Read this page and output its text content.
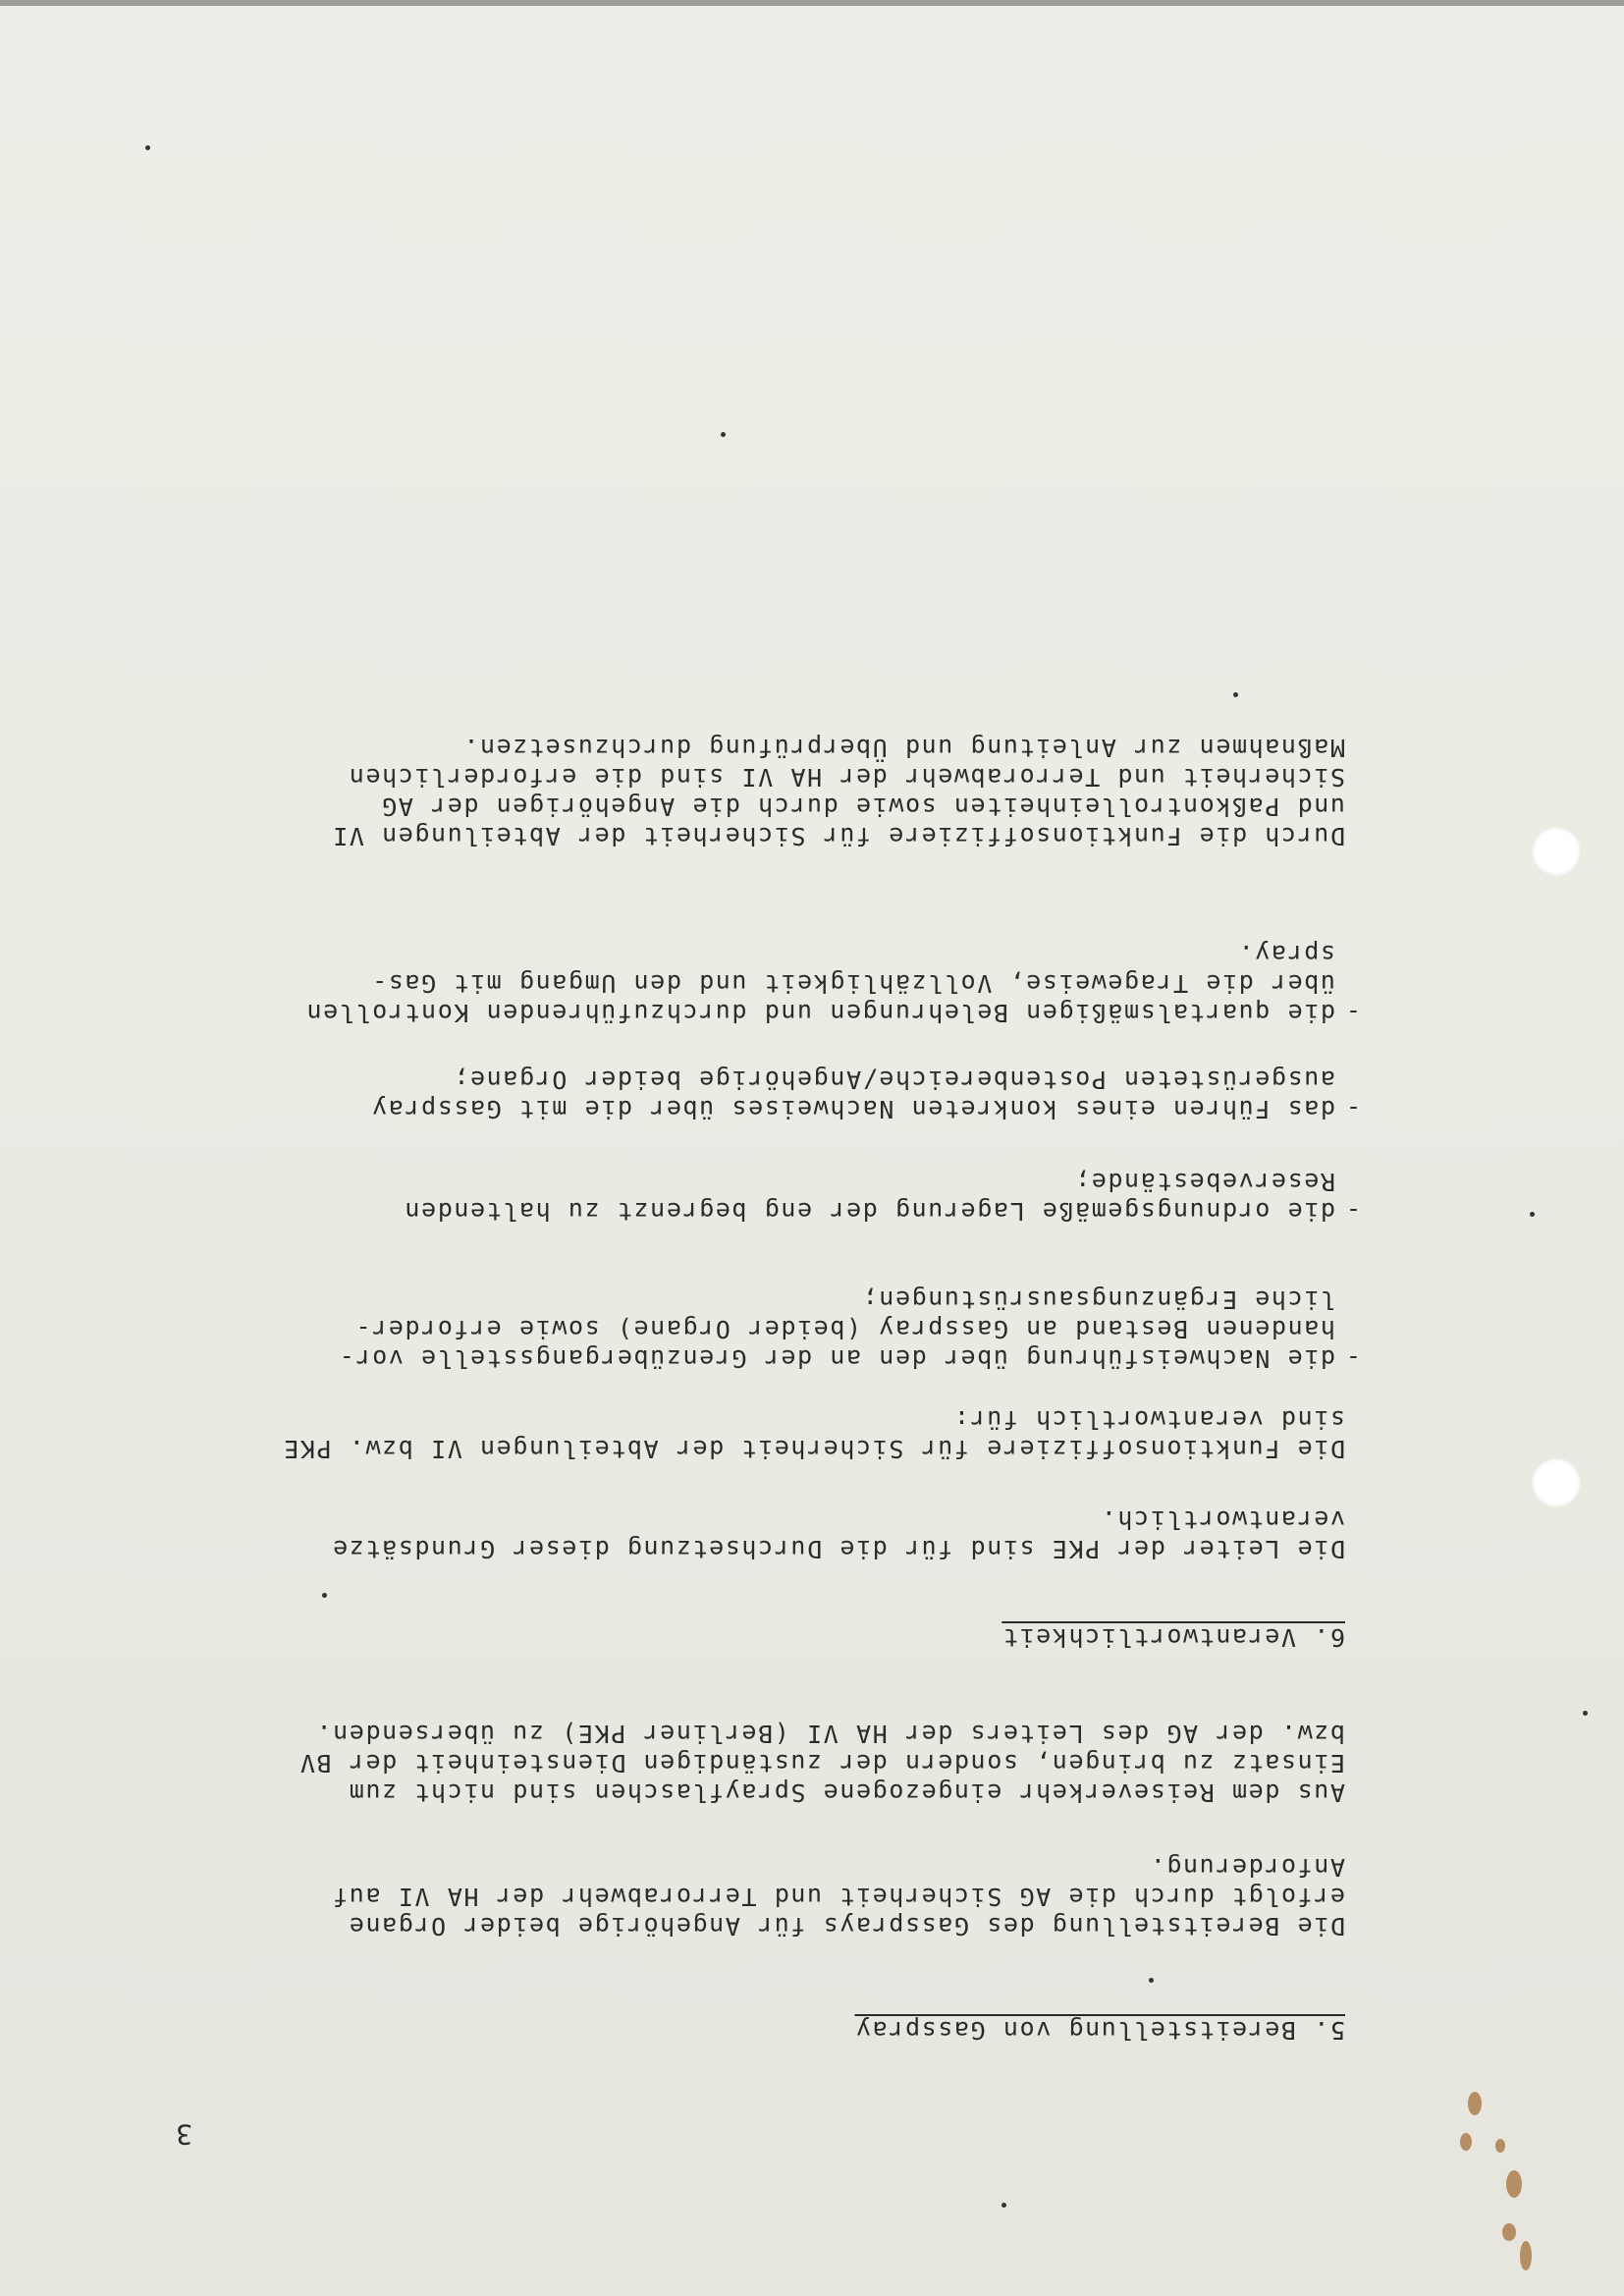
3
5. Bereitstellung von Gasspray
Die Bereitstellung des Gassprays für Angehörige beider Organe
erfolgt durch die AG Sicherheit und Terrorabwehr der HA VI auf
Anforderung.
Aus dem Reiseverkehr eingezogene Sprayflaschen sind nicht zum
Einsatz zu bringen, sondern der zuständigen Diensteinheit der BV
bzw. der AG des Leiters der HA VI (Berliner PKE) zu übersenden.
6. Verantwortlichkeit
Die Leiter der PKE sind für die Durchsetzung dieser Grundsätze
verantwortlich.
Die Funktionsoffiziere für Sicherheit der Abteilungen VI bzw. PKE
sind verantwortlich für:
-
die Nachweisführung über den an der Grenzübergangsstelle vor-
handenen Bestand an Gasspray (beider Organe) sowie erforder-
liche Ergänzungsausrüstungen;
-
die ordnungsgemäße Lagerung der eng begrenzt zu haltenden
Reservebestände;
-
das Führen eines konkreten Nachweises über die mit Gasspray
ausgerüsteten Postenbereiche/Angehörige beider Organe;
-
die quartalsmäßigen Belehrungen und durchzuführenden Kontrollen
über die Trageweise, Vollzähligkeit und den Umgang mit Gas-
spray.
Durch die Funktionsoffiziere für Sicherheit der Abteilungen VI
und Paßkontrolleinheiten sowie durch die Angehörigen der AG
Sicherheit und Terrorabwehr der HA VI sind die erforderlichen
Maßnahmen zur Anleitung und Überprüfung durchzusetzen.
